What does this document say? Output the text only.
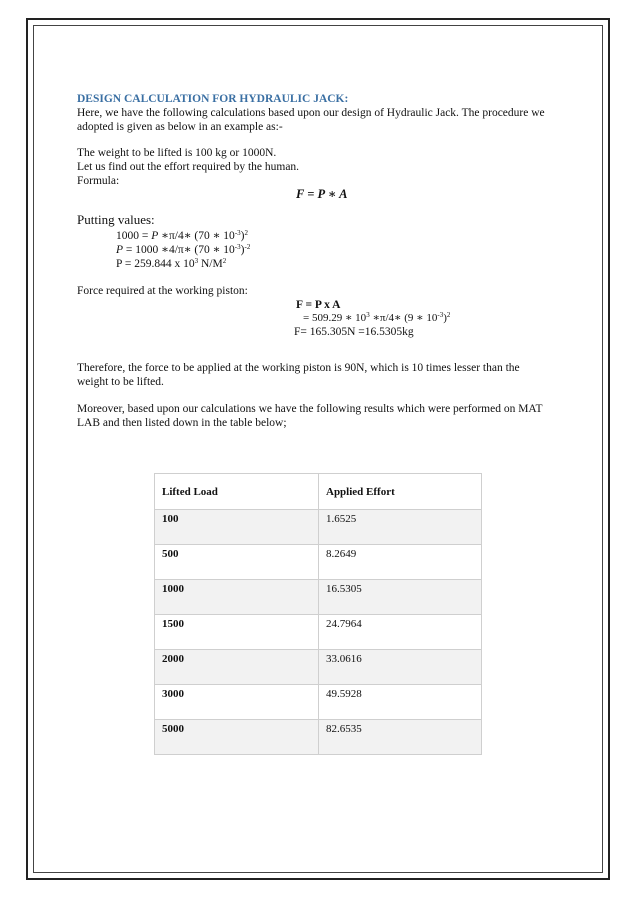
DESIGN CALCULATION FOR HYDRAULIC JACK:
Here, we have the following calculations based upon our design of Hydraulic Jack. The procedure we
adopted is given as below in an example as:-
The weight to be lifted is 100 kg or 1000N.
Let us find out the effort required by the human.
Formula:
F = P ∗ A
Putting values:
1000 = P ∗π/4∗ (70 ∗ $10^{-3})^2$
P = 1000 ∗4/π∗ (70 ∗ $10^{-3})^{-2}$
P = 259.844 x $10^3$ $N/M^2$
Force required at the working piston:
F = P x A
= 509.29 ∗ $10^3$ ∗π/4∗ (9 ∗ $10^{-3})^2$
F= 165.305N =16.5305kg
Therefore, the force to be applied at the working piston is 90N, which is 10 times lesser than the
weight to be lifted.
Moreover, based upon our calculations we have the following results which were performed on MAT
LAB and then listed down in the table below;
Lifted Load	Applied Effort
100	1.6525
500	8.2649
1000	16.5305
1500	24.7964
2000	33.0616
3000	49.5928
5000	82.6535
